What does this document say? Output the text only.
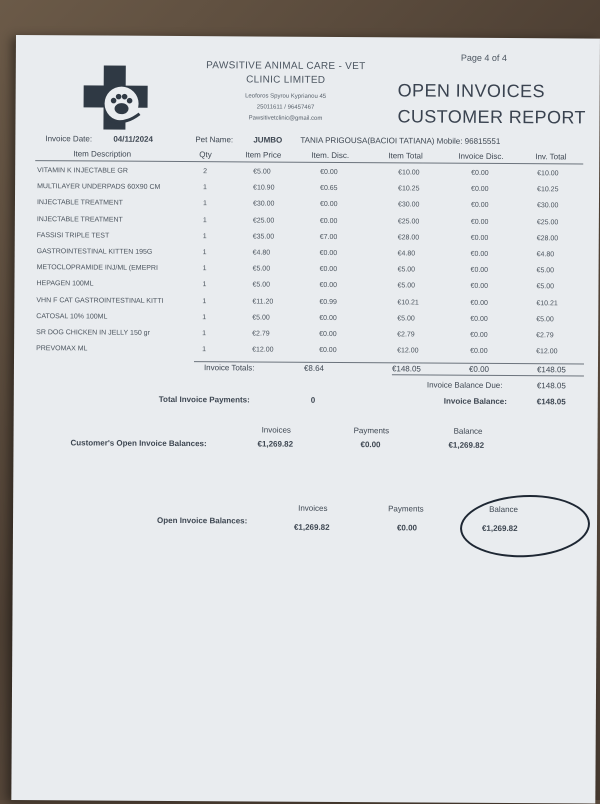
PAWSITIVE ANIMAL CARE - VET
CLINIC LIMITED
Leoforos Spyrou Kyprianou 45
25011611 / 96457467
Pawsitivetclinic@gmail.com
Page 4 of 4
OPEN INVOICES
CUSTOMER REPORT
Invoice Date:	04/11/2024	Pet Name:	JUMBO TANIA PRIGOUSA(BACIOI TATIANA) Mobile: 96815551
Item Description	Qty	Item Price	Item. Disc.	Item Total	Invoice Disc.	Inv. Total
VITAMIN K INJECTABLE GR	2	€5.00	€0.00	€10.00	€0.00	€10.00
MULTILAYER UNDERPADS 60X90 CM	1	€10.90	€0.65	€10.25	€0.00	€10.25
INJECTABLE TREATMENT	1	€30.00	€0.00	€30.00	€0.00	€30.00
INJECTABLE TREATMENT	1	€25.00	€0.00	€25.00	€0.00	€25.00
FASSISI TRIPLE TEST	1	€35.00	€7.00	€28.00	€0.00	€28.00
GASTROINTESTINAL KITTEN 195G	1	€4.80	€0.00	€4.80	€0.00	€4.80
METOCLOPRAMIDE INJ/ML (EMEPRI	1	€5.00	€0.00	€5.00	€0.00	€5.00
HEPAGEN 100ML	1	€5.00	€0.00	€5.00	€0.00	€5.00
VHN F CAT GASTROINTESTINAL KITTI	1	€11.20	€0.99	€10.21	€0.00	€10.21
CATOSAL 10% 100ML	1	€5.00	€0.00	€5.00	€0.00	€5.00
SR DOG CHICKEN IN JELLY 150 gr	1	€2.79	€0.00	€2.79	€0.00	€2.79
PREVOMAX ML	1	€12.00	€0.00	€12.00	€0.00	€12.00
Invoice Totals:	€8.64	€148.05	€0.00	€148.05
Invoice Balance Due:	€148.05
Total Invoice Payments:	0	Invoice Balance:	€148.05
Invoices	Payments	Balance
Customer's Open Invoice Balances:	€1,269.82	€0.00	€1,269.82
Invoices	Payments	Balance
Open Invoice Balances:
€1,269.82	€0.00	€1,269.82
